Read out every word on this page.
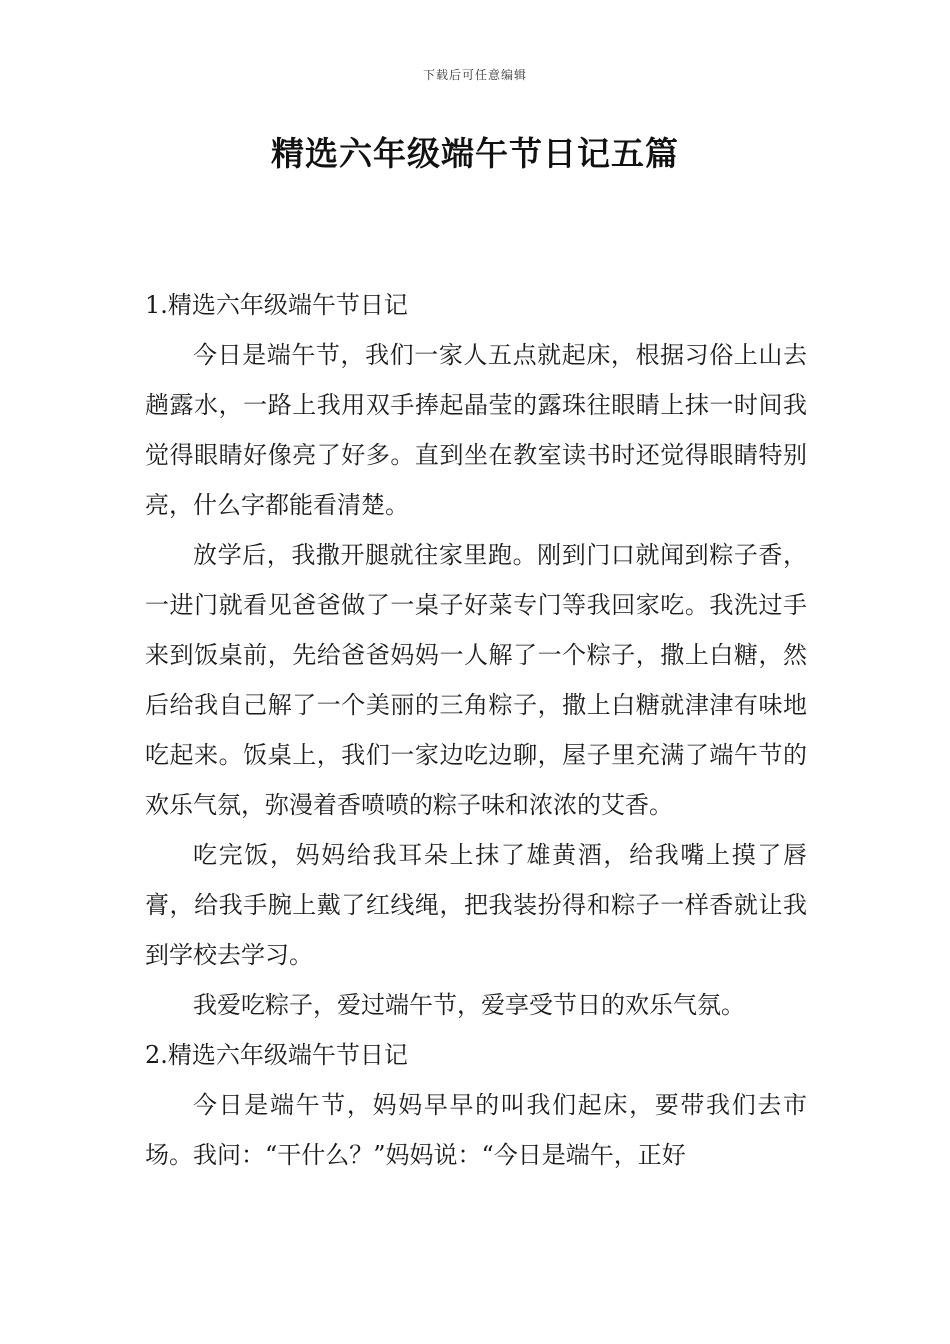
下载后可任意编辑
精选六年级端午节日记五篇
1.精选六年级端午节日记

今日是端午节，我们一家人五点就起床，根据习俗上山去趟露水，一路上我用双手捧起晶莹的露珠往眼睛上抹一时间我觉得眼睛好像亮了好多。直到坐在教室读书时还觉得眼睛特别亮，什么字都能看清楚。

放学后，我撒开腿就往家里跑。刚到门口就闻到粽子香，一进门就看见爸爸做了一桌子好菜专门等我回家吃。我洗过手来到饭桌前，先给爸爸妈妈一人解了一个粽子，撒上白糖，然后给我自己解了一个美丽的三角粽子，撒上白糖就津津有味地吃起来。饭桌上，我们一家边吃边聊，屋子里充满了端午节的欢乐气氛，弥漫着香喷喷的粽子味和浓浓的艾香。

吃完饭，妈妈给我耳朵上抹了雄黄酒，给我嘴上摸了唇膏，给我手腕上戴了红线绳，把我装扮得和粽子一样香就让我到学校去学习。

我爱吃粽子，爱过端午节，爱享受节日的欢乐气氛。

2.精选六年级端午节日记

今日是端午节，妈妈早早的叫我们起床，要带我们去市场。我问：“干什么？”妈妈说：“今日是端午，正好
